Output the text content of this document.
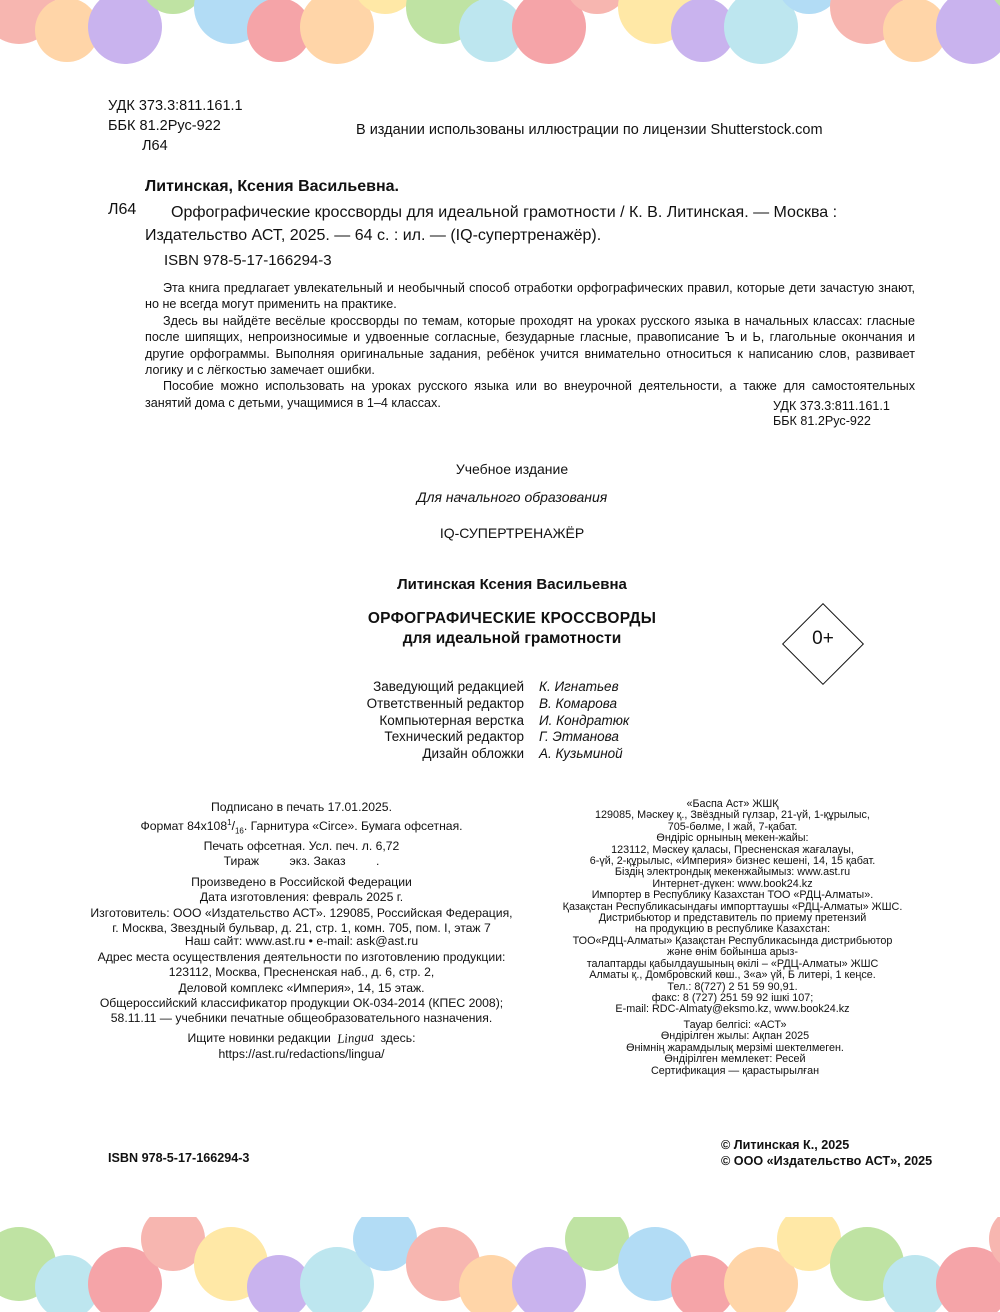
УДК 373.3:811.161.1
ББК 81.2Рус-922
Л64
В издании использованы иллюстрации по лицензии Shutterstock.com
Литинская, Ксения Васильевна.
Л64 Орфографические кроссворды для идеальной грамотности / К. В. Литинская. — Москва :
Издательство АСТ, 2025. — 64 с. : ил. — (IQ-супертренажёр).
ISBN 978-5-17-166294-3

Эта книга предлагает увлекательный и необычный способ отработки орфографических правил, которые дети зачастую знают, но не всегда могут применить на практике.

Здесь вы найдёте весёлые кроссворды по темам, которые проходят на уроках русского языка в начальных классах: гласные после шипящих, непроизносимые и удвоенные согласные, безударные гласные, правописание Ъ и Ь, глагольные окончания и другие орфограммы. Выполняя оригинальные задания, ребёнок учится внимательно относиться к написанию слов, развивает логику и с лёгкостью замечает ошибки.

Пособие можно использовать на уроках русского языка или во внеурочной деятельности, а также для самостоятельных занятий дома с детьми, учащимися в 1–4 классах.	УДК 373.3:811.161.1
ББК 81.2Рус-922
Учебное издание
Для начального образования
IQ-СУПЕРТРЕНАЖЁР
Литинская Ксения Васильевна
ОРФОГРАФИЧЕСКИЕ КРОССВОРДЫ
для идеальной грамотности	0+
Заведующий редакцией
Ответственный редактор
Компьютерная верстка
Технический редактор
Дизайн обложки
К. Игнатьев
В. Комарова
И. Кондратюк
Г. Этманова
А. Кузьминой
Подписано в печать 17.01.2025.
Формат $84x108^1/_{16}$. Гарнитура «Circe». Бумага офсетная.
Печать офсетная. Усл. печ. л. 6,72
Тираж         экз. Заказ         .
Произведено в Российской Федерации
Дата изготовления: февраль 2025 г.
Изготовитель: ООО «Издательство АСТ». 129085, Российская Федерация,
г. Москва, Звездный бульвар, д. 21, стр. 1, комн. 705, пом. I, этаж 7
Наш сайт: www.ast.ru • e-mail: ask@ast.ru
Адрес места осуществления деятельности по изготовлению продукции:
123112, Москва, Пресненская наб., д. 6, стр. 2,
Деловой комплекс «Империя», 14, 15 этаж.
Общероссийский классификатор продукции ОК-034-2014 (КПЕС 2008);
58.11.11 — учебники печатные общеобразовательного назначения.
Ищите новинки редакции Lingua здесь:
https://ast.ru/redactions/lingua/
«Баспа Аст» ЖШҚ
129085, Мәскеу қ., Звёздный гүлзар, 21-үй, 1-құрылыс,
705-бөлме, I жай, 7-қабат.
Өндіріс орнының мекен-жайы:
123112, Мәскеу қаласы, Пресненская жағалауы,
6-үй, 2-құрылыс, «Империя» бизнес кешені, 14, 15 қабат.
Біздің электрондық мекенжайымыз: www.ast.ru
Интернет-дүкен: www.book24.kz
Импортер в Республику Казахстан ТОО «РДЦ-Алматы».
Қазақстан Республикасындағы импорттаушы «РДЦ-Алматы» ЖШС.
Дистрибьютор и представитель по приему претензий
на продукцию в республике Казахстан:
ТОО«РДЦ-Алматы» Қазақстан Республикасында дистрибьютор
және өнім бойынша арыз-
талаптарды қабылдаушының өкілі – «РДЦ-Алматы» ЖШС
Алматы қ., Домбровский көш., 3«а» үй, Б литері, 1 кеңсе.
Тел.: 8(727) 2 51 59 90,91.
факс: 8 (727) 251 59 92 ішкі 107;
E-mail: RDC-Almaty@eksmo.kz, www.book24.kz
Тауар белгісі: «АСТ»
Өндірілген жылы: Ақпан 2025
Өнімнің жарамдылық мерзімі шектелмеген.
Өндірілген мемлекет: Ресей
Сертификация — қарастырылған
ISBN 978-5-17-166294-3
© Литинская К., 2025
© ООО «Издательство АСТ», 2025
